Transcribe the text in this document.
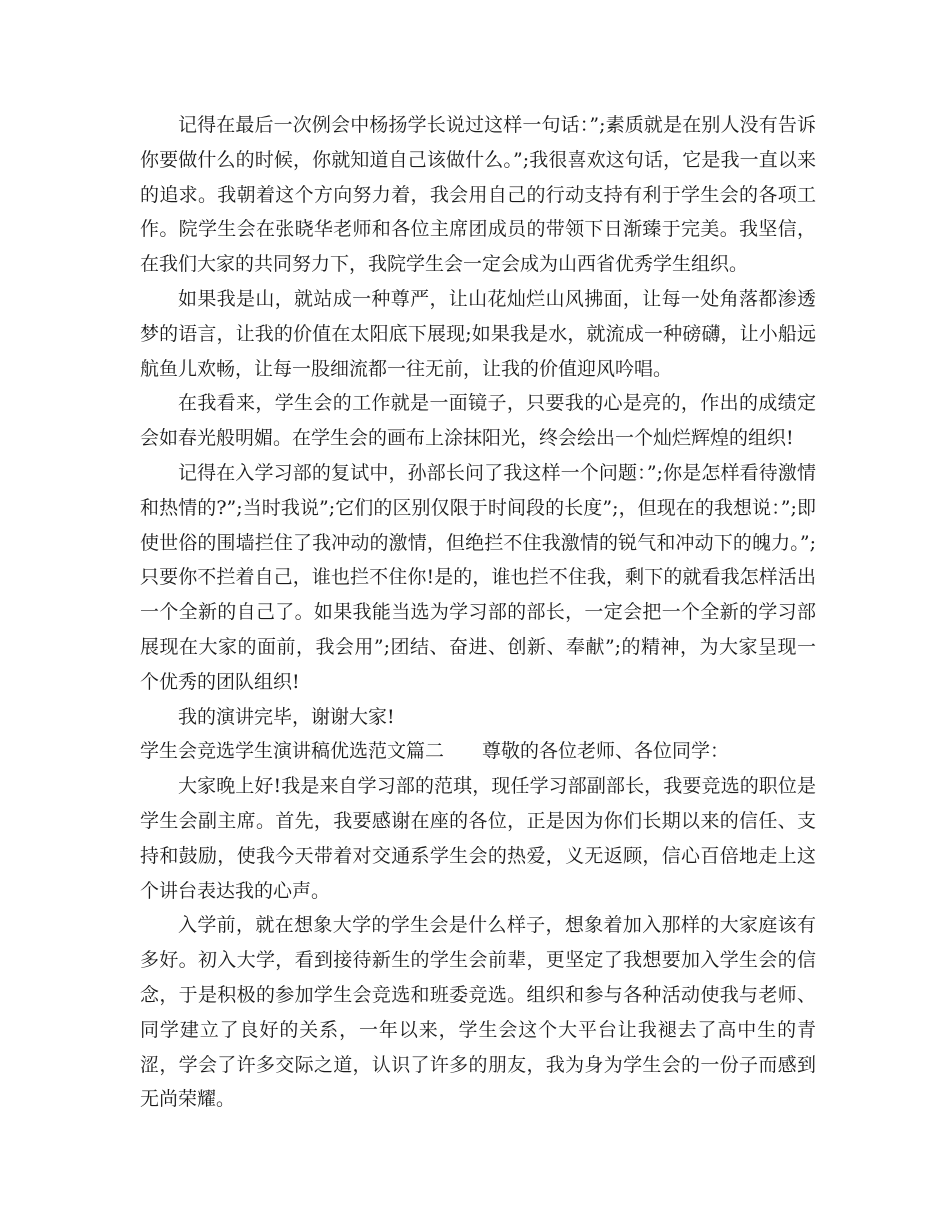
记得在最后一次例会中杨扬学长说过这样一句话：”;素质就是在别人没有告诉你要做什么的时候，你就知道自己该做什么。”;我很喜欢这句话，它是我一直以来的追求。我朝着这个方向努力着，我会用自己的行动支持有利于学生会的各项工作。院学生会在张晓华老师和各位主席团成员的带领下日渐臻于完美。我坚信，在我们大家的共同努力下，我院学生会一定会成为山西省优秀学生组织。

如果我是山，就站成一种尊严，让山花灿烂山风拂面，让每一处角落都渗透梦的语言，让我的价值在太阳底下展现;如果我是水，就流成一种磅礴，让小船远航鱼儿欢畅，让每一股细流都一往无前，让我的价值迎风吟唱。

在我看来，学生会的工作就是一面镜子，只要我的心是亮的，作出的成绩定会如春光般明媚。在学生会的画布上涂抹阳光，终会绘出一个灿烂辉煌的组织!

记得在入学习部的复试中，孙部长问了我这样一个问题：”;你是怎样看待激情和热情的?”;当时我说”;它们的区别仅限于时间段的长度”;，但现在的我想说：”;即使世俗的围墙拦住了我冲动的激情，但绝拦不住我激情的锐气和冲动下的魄力。”;只要你不拦着自己，谁也拦不住你!是的，谁也拦不住我，剩下的就看我怎样活出一个全新的自己了。如果我能当选为学习部的部长，一定会把一个全新的学习部展现在大家的面前，我会用”;团结、奋进、创新、奉献”;的精神，为大家呈现一个优秀的团队组织!

我的演讲完毕，谢谢大家!

学生会竞选学生演讲稿优选范文篇二　　尊敬的各位老师、各位同学：

大家晚上好!我是来自学习部的范琪，现任学习部副部长，我要竞选的职位是学生会副主席。首先，我要感谢在座的各位，正是因为你们长期以来的信任、支持和鼓励，使我今天带着对交通系学生会的热爱，义无返顾，信心百倍地走上这个讲台表达我的心声。

入学前，就在想象大学的学生会是什么样子，想象着加入那样的大家庭该有多好。初入大学，看到接待新生的学生会前辈，更坚定了我想要加入学生会的信念，于是积极的参加学生会竞选和班委竞选。组织和参与各种活动使我与老师、同学建立了良好的关系，一年以来，学生会这个大平台让我褪去了高中生的青涩，学会了许多交际之道，认识了许多的朋友，我为身为学生会的一份子而感到无尚荣耀。
